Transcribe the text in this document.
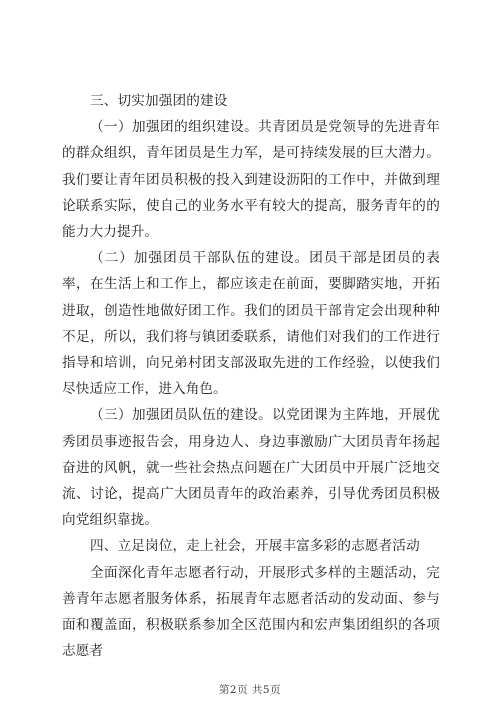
三、切实加强团的建设

（一）加强团的组织建设。共青团员是党领导的先进青年的群众组织，青年团员是生力军，是可持续发展的巨大潜力。我们要让青年团员积极的投入到建设沥阳的工作中，并做到理论联系实际，使自己的业务水平有较大的提高，服务青年的的能力大力提升。

（二）加强团员干部队伍的建设。团员干部是团员的表率，在生活上和工作上，都应该走在前面，要脚踏实地，开拓进取，创造性地做好团工作。我们的团员干部肯定会出现种种不足，所以，我们将与镇团委联系，请他们对我们的工作进行指导和培训，向兄弟村团支部汲取先进的工作经验，以使我们尽快适应工作，进入角色。

（三）加强团员队伍的建设。以党团课为主阵地，开展优秀团员事迹报告会，用身边人、身边事激励广大团员青年扬起奋进的风帆，就一些社会热点问题在广大团员中开展广泛地交流、讨论，提高广大团员青年的政治素养，引导优秀团员积极向党组织靠拢。

四、立足岗位，走上社会，开展丰富多彩的志愿者活动

全面深化青年志愿者行动，开展形式多样的主题活动，完善青年志愿者服务体系，拓展青年志愿者活动的发动面、参与面和覆盖面，积极联系参加全区范围内和宏声集团组织的各项志愿者

第2页 共5页
